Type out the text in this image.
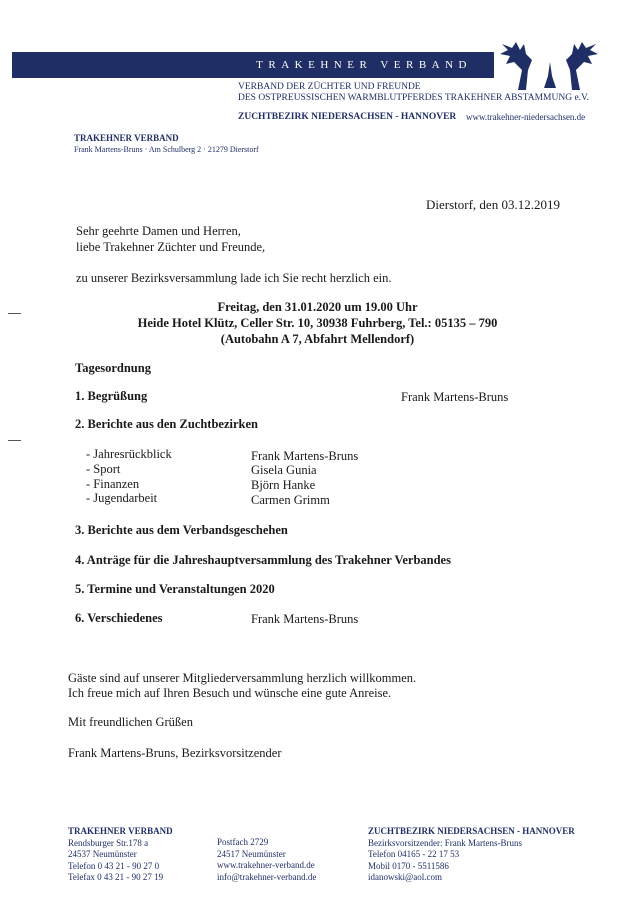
TRAKEHNER VERBAND
VERBAND DER ZÜCHTER UND FREUNDE
DES OSTPREUSSISCHEN WARMBLUTPFERDES TRAKEHNER ABSTAMMUNG e.V.
ZUCHTBEZIRK NIEDERSACHSEN - HANNOVER www.trakehner-niedersachsen.de
TRAKEHNER VERBAND
Frank Martens-Bruns · Am Schulberg 2 · 21279 Dierstorf
Dierstorf, den 03.12.2019
Sehr geehrte Damen und Herren,
liebe Trakehner Züchter und Freunde,
zu unserer Bezirksversammlung lade ich Sie recht herzlich ein.
Freitag, den 31.01.2020 um 19.00 Uhr
Heide Hotel Klütz, Celler Str. 10, 30938 Fuhrberg, Tel.: 05135 – 790
(Autobahn A 7, Abfahrt Mellendorf)
Tagesordnung
1. Begrüßung	Frank Martens-Bruns
2. Berichte aus den Zuchtbezirken
- Jahresrückblick	Frank Martens-Bruns
- Sport	Gisela Gunia
- Finanzen	Björn Hanke
- Jugendarbeit	Carmen Grimm
3. Berichte aus dem Verbandsgeschehen
4. Anträge für die Jahreshauptversammlung des Trakehner Verbandes
5. Termine und Veranstaltungen 2020
6. Verschiedenes	Frank Martens-Bruns
Gäste sind auf unserer Mitgliederversammlung herzlich willkommen.
Ich freue mich auf Ihren Besuch und wünsche eine gute Anreise.
Mit freundlichen Grüßen
Frank Martens-Bruns, Bezirksvorsitzender
TRAKEHNER VERBAND
Rendsburger Str.178 a
24537 Neumünster
Telefon 0 43 21 - 90 27 0
Telefax 0 43 21 - 90 27 19
Postfach 2729
24517 Neumünster
www.trakehner-verband.de
info@trakehner-verband.de
ZUCHTBEZIRK NIEDERSACHSEN - HANNOVER
Bezirksvorsitzender: Frank Martens-Bruns
Telefon 04165 - 22 17 53
Mobil 0170 - 5511586
idanowski@aol.com
